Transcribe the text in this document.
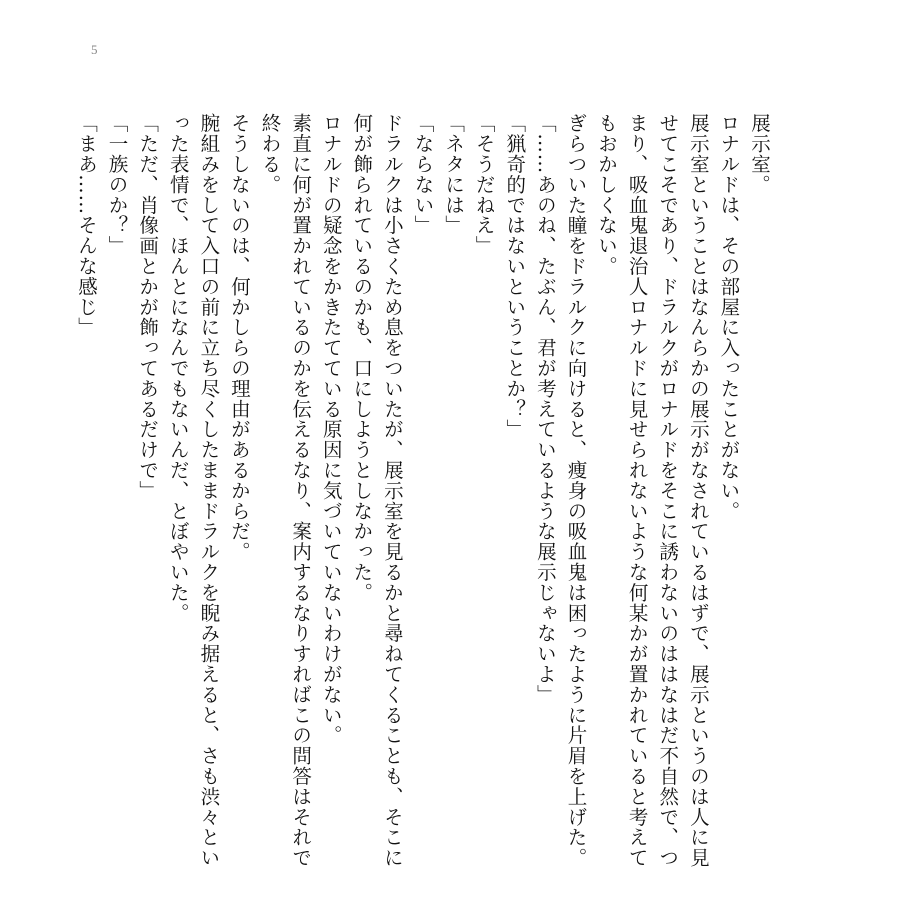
5

展示室。

ロナルドは、その部屋に入ったことがない。

展示室ということはなんらかの展示がなされているはずで、展示というのは人に見せてこそであり、ドラルクがロナルドをそこに誘わないのははなはだ不自然で、つまり、吸血鬼退治人ロナルドに見せられないような何某かが置かれていると考えてもおかしくない。

ぎらついた瞳をドラルクに向けると、痩身の吸血鬼は困ったように片眉を上げた。

「……あのね、たぶん、君が考えているような展示じゃないよ」

「猟奇的ではないということか？」

「そうだねえ」

「ネタには」

「ならない」

ドラルクは小さくため息をついたが、展示室を見るかと尋ねてくることも、そこに何が飾られているのかも、口にしようとしなかった。

ロナルドの疑念をかきたてている原因に気づいていないわけがない。

素直に何が置かれているのかを伝えるなり、案内するなりすればこの問答はそれで終わる。

そうしないのは、何かしらの理由があるからだ。

腕組みをして入口の前に立ち尽くしたままドラルクを睨み据えると、さも渋々といった表情で、ほんとになんでもないんだ、とぼやいた。

「ただ、肖像画とかが飾ってあるだけで」

「一族のか？」

「まあ……そんな感じ」
